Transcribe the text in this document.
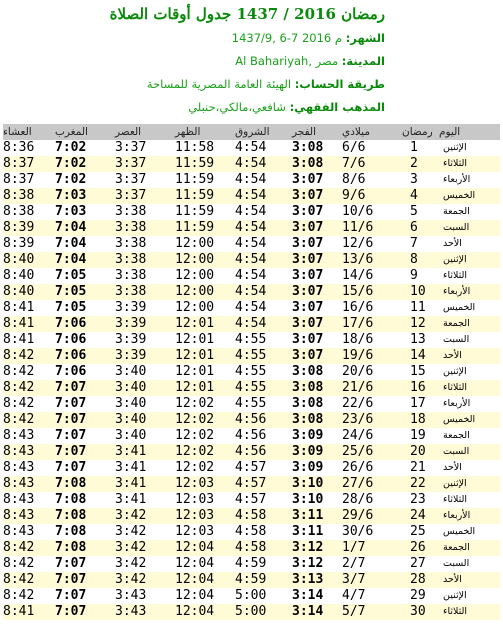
رمضان 2016 / 1437 جدول أوقات الصلاة
الشهر: 1437/9, 6-7 2016 م
المدينة: Al Bahariyah, مصر
طريقة الحساب: الهيئة العامة المصرية للمساحة
المذهب الفقهي: شافعي،مالكي،حنبلي
العشاء	المغرب	العصر	الظهر	الشروق	الفجر	ميلادي	رمضان	اليوم
8:36	7:02	3:37	11:58	4:54	3:08	6/6	1	الإثنين
8:37	7:02	3:37	11:59	4:54	3:08	7/6	2	الثلاثاء
8:37	7:02	3:37	11:59	4:54	3:07	8/6	3	الأربعاء
8:38	7:03	3:37	11:59	4:54	3:07	9/6	4	الخميس
8:38	7:03	3:38	11:59	4:54	3:07	10/6	5	الجمعة
8:39	7:04	3:38	11:59	4:54	3:07	11/6	6	السبت
8:39	7:04	3:38	12:00	4:54	3:07	12/6	7	الأحد
8:40	7:04	3:38	12:00	4:54	3:07	13/6	8	الإثنين
8:40	7:05	3:38	12:00	4:54	3:07	14/6	9	الثلاثاء
8:40	7:05	3:38	12:00	4:54	3:07	15/6	10	الأربعاء
8:41	7:05	3:39	12:00	4:54	3:07	16/6	11	الخميس
8:41	7:06	3:39	12:01	4:54	3:07	17/6	12	الجمعة
8:41	7:06	3:39	12:01	4:55	3:07	18/6	13	السبت
8:42	7:06	3:39	12:01	4:55	3:07	19/6	14	الأحد
8:42	7:06	3:40	12:01	4:55	3:08	20/6	15	الإثنين
8:42	7:07	3:40	12:01	4:55	3:08	21/6	16	الثلاثاء
8:42	7:07	3:40	12:02	4:55	3:08	22/6	17	الأربعاء
8:42	7:07	3:40	12:02	4:56	3:08	23/6	18	الخميس
8:43	7:07	3:40	12:02	4:56	3:09	24/6	19	الجمعة
8:43	7:07	3:41	12:02	4:56	3:09	25/6	20	السبت
8:43	7:07	3:41	12:02	4:57	3:09	26/6	21	الأحد
8:43	7:08	3:41	12:03	4:57	3:10	27/6	22	الإثنين
8:43	7:08	3:41	12:03	4:57	3:10	28/6	23	الثلاثاء
8:43	7:08	3:42	12:03	4:58	3:11	29/6	24	الأربعاء
8:43	7:08	3:42	12:03	4:58	3:11	30/6	25	الخميس
8:42	7:08	3:42	12:04	4:58	3:12	1/7	26	الجمعة
8:42	7:07	3:42	12:04	4:59	3:12	2/7	27	السبت
8:42	7:07	3:42	12:04	4:59	3:13	3/7	28	الأحد
8:42	7:07	3:43	12:04	5:00	3:14	4/7	29	الإثنين
8:41	7:07	3:43	12:04	5:00	3:14	5/7	30	الثلاثاء
